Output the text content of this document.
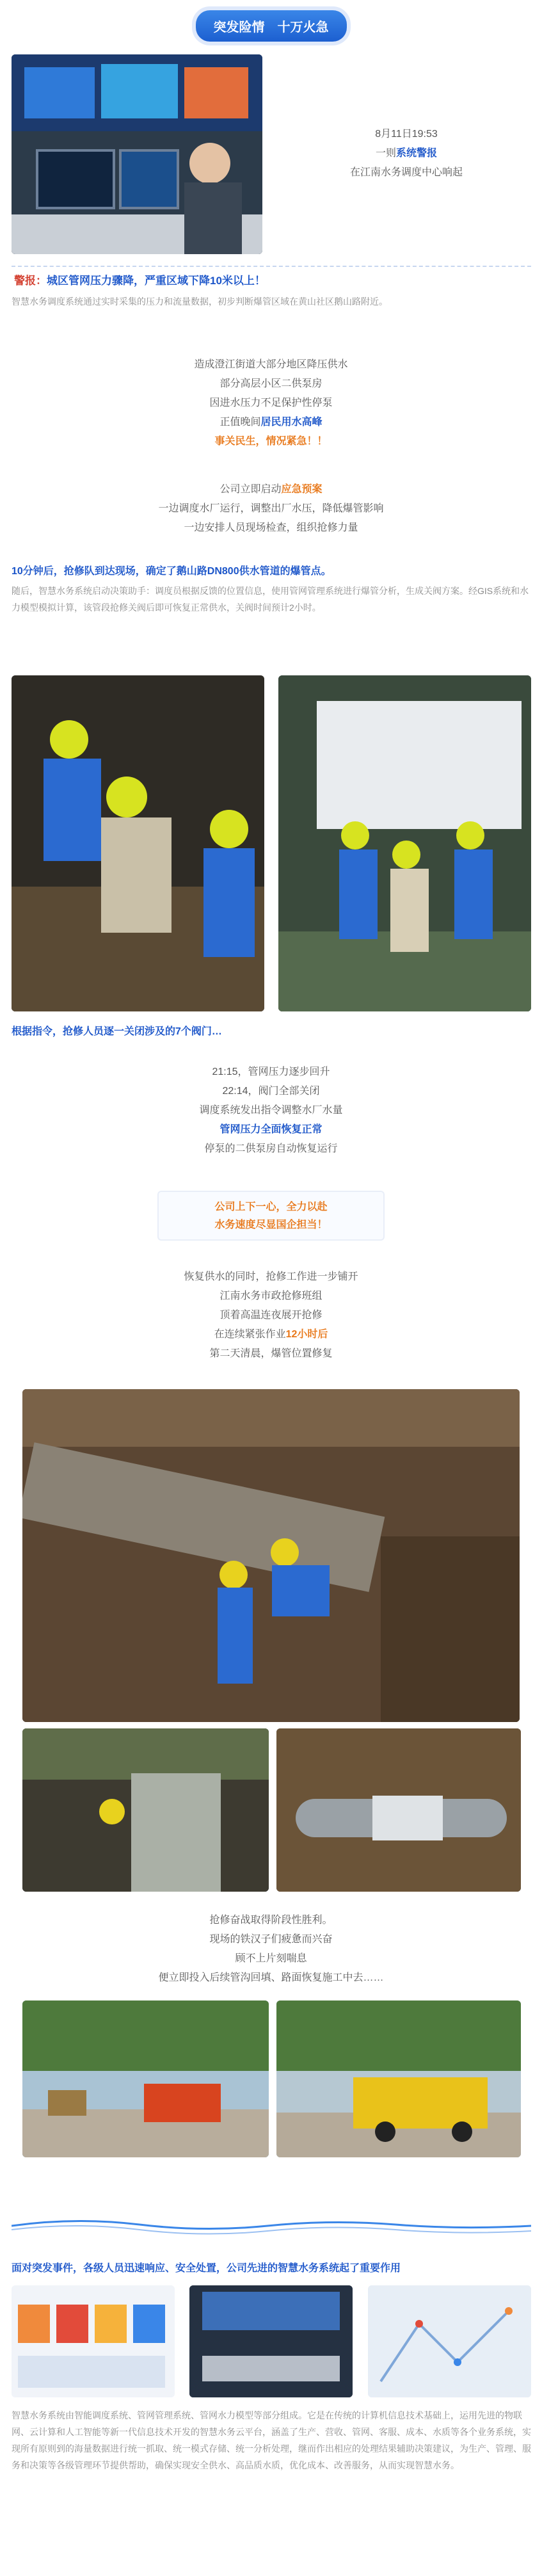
突发险情　十万火急
8月11日19:53
一则系统警报
在江南水务调度中心响起
警报：城区管网压力骤降，严重区域下降10米以上！
智慧水务调度系统通过实时采集的压力和流量数据，初步判断爆管区域在黄山社区鹅山路附近。
造成澄江街道大部分地区降压供水
部分高层小区二供泵房
因进水压力不足保护性停泵
正值晚间居民用水高峰
事关民生，情况紧急！！
公司立即启动应急预案
一边调度水厂运行，调整出厂水压，降低爆管影响
一边安排人员现场检查，组织抢修力量
10分钟后，抢修队到达现场，确定了鹅山路DN800供水管道的爆管点。
随后，智慧水务系统启动决策助手：调度员根据反馈的位置信息，使用管网管理系统进行爆管分析，生成关阀方案。经GIS系统和水力模型模拟计算，该管段抢修关阀后即可恢复正常供水，关阀时间预计2小时。
根据指令，抢修人员逐一关闭涉及的7个阀门…
21:15，管网压力逐步回升
22:14，阀门全部关闭
调度系统发出指令调整水厂水量
管网压力全面恢复正常
停泵的二供泵房自动恢复运行
公司上下一心，全力以赴
水务速度尽显国企担当！
恢复供水的同时，抢修工作进一步铺开
江南水务市政抢修班组
顶着高温连夜展开抢修
在连续紧张作业12小时后
第二天清晨，爆管位置修复
抢修奋战取得阶段性胜利。
现场的铁汉子们疲惫而兴奋
顾不上片刻喘息
便立即投入后续管沟回填、路面恢复施工中去……
面对突发事件，各级人员迅速响应、安全处置，公司先进的智慧水务系统起了重要作用
智慧水务系统由智能调度系统、管网管理系统、管网水力模型等部分组成。它是在传统的计算机信息技术基础上，运用先进的物联网、云计算和人工智能等新一代信息技术开发的智慧水务云平台，涵盖了生产、营收、管网、客服、成本、水质等各个业务系统，实现所有原则到的海量数据进行统一抓取、统一模式存储、统一分析处理，继而作出相应的处理结果辅助决策建议，为生产、管理、服务和决策等各级管理环节提供帮助，确保实现安全供水、高品质水质，优化成本、改善服务，从而实现智慧水务。
